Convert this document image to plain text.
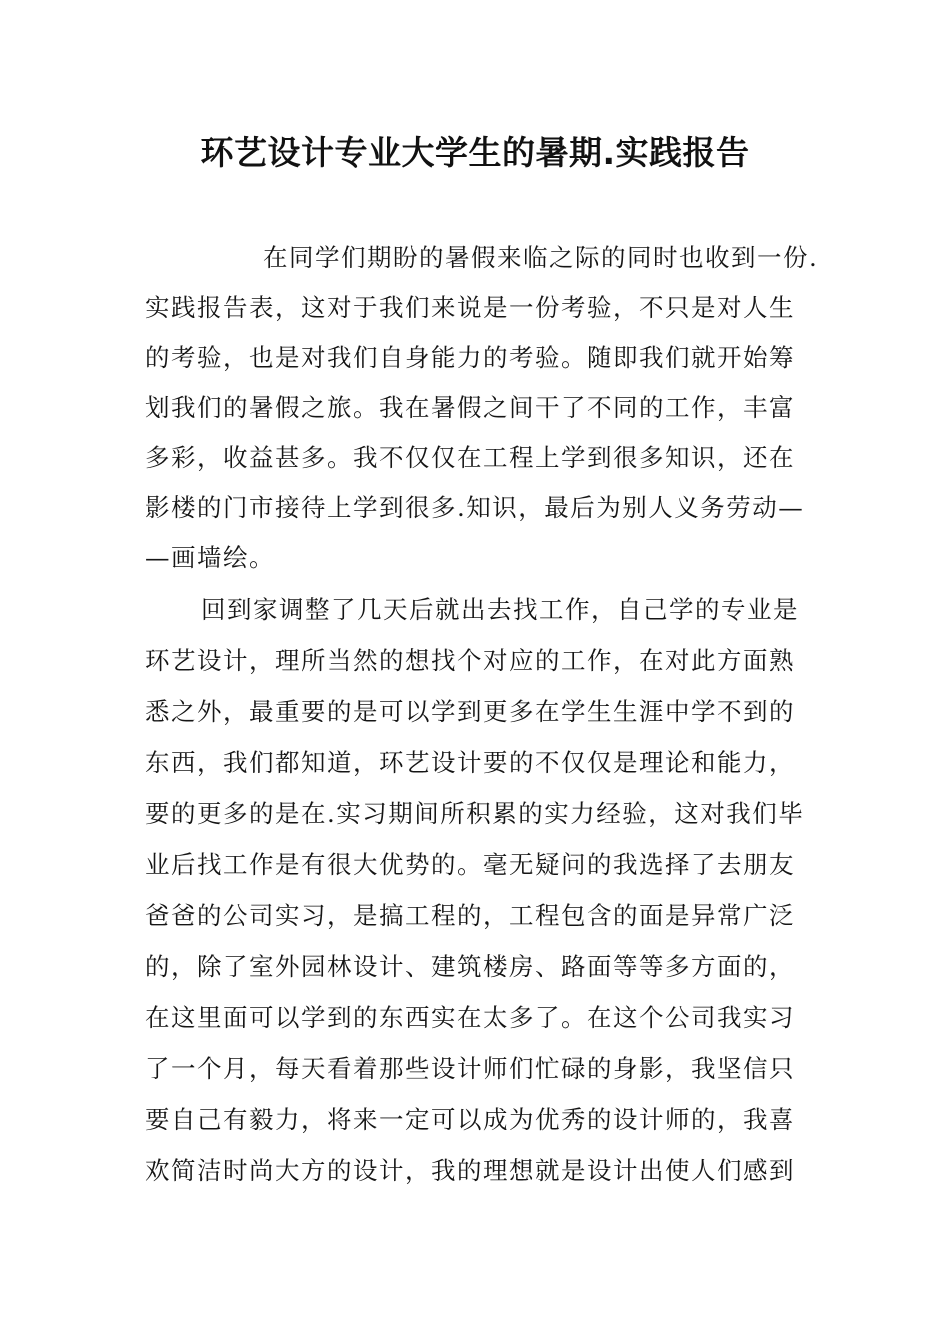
环艺设计专业大学生的暑期.实践报告
在同学们期盼的暑假来临之际的同时也收到一份.
实践报告表，这对于我们来说是一份考验，不只是对人生
的考验，也是对我们自身能力的考验。随即我们就开始筹
划我们的暑假之旅。我在暑假之间干了不同的工作，丰富
多彩，收益甚多。我不仅仅在工程上学到很多知识，还在
影楼的门市接待上学到很多.知识，最后为别人义务劳动—
—画墙绘。
回到家调整了几天后就出去找工作，自己学的专业是
环艺设计，理所当然的想找个对应的工作，在对此方面熟
悉之外，最重要的是可以学到更多在学生生涯中学不到的
东西，我们都知道，环艺设计要的不仅仅是理论和能力，
要的更多的是在.实习期间所积累的实力经验，这对我们毕
业后找工作是有很大优势的。毫无疑问的我选择了去朋友
爸爸的公司实习，是搞工程的，工程包含的面是异常广泛
的，除了室外园林设计、建筑楼房、路面等等多方面的，
在这里面可以学到的东西实在太多了。在这个公司我实习
了一个月，每天看着那些设计师们忙碌的身影，我坚信只
要自己有毅力，将来一定可以成为优秀的设计师的，我喜
欢简洁时尚大方的设计，我的理想就是设计出使人们感到
